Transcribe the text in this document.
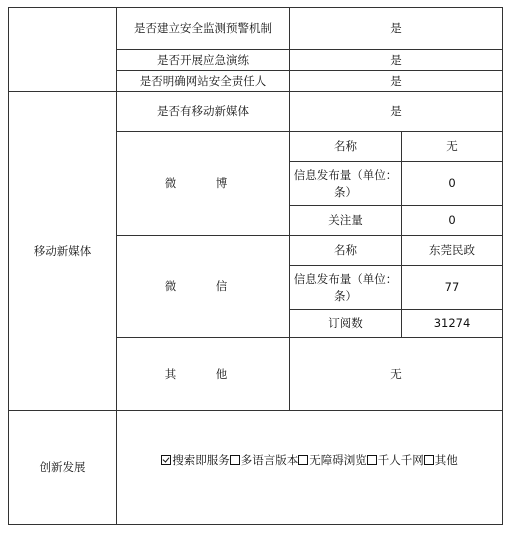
	是否建立安全监测预警机制	是	
	是否开展应急演练	是	
	是否明确网站安全责任人	是	
移动新媒体	是否有移动新媒体	是	
	微　博	名称	无
		信息发布量（单位：条）	0
		关注量	0
	微　信	名称	东莞民政
		信息发布量（单位：条）	77
		订阅数	31274
	其　他	无	
创新发展	搜索即服务 多语言版本 无障碍浏览 千人千网 其他		
